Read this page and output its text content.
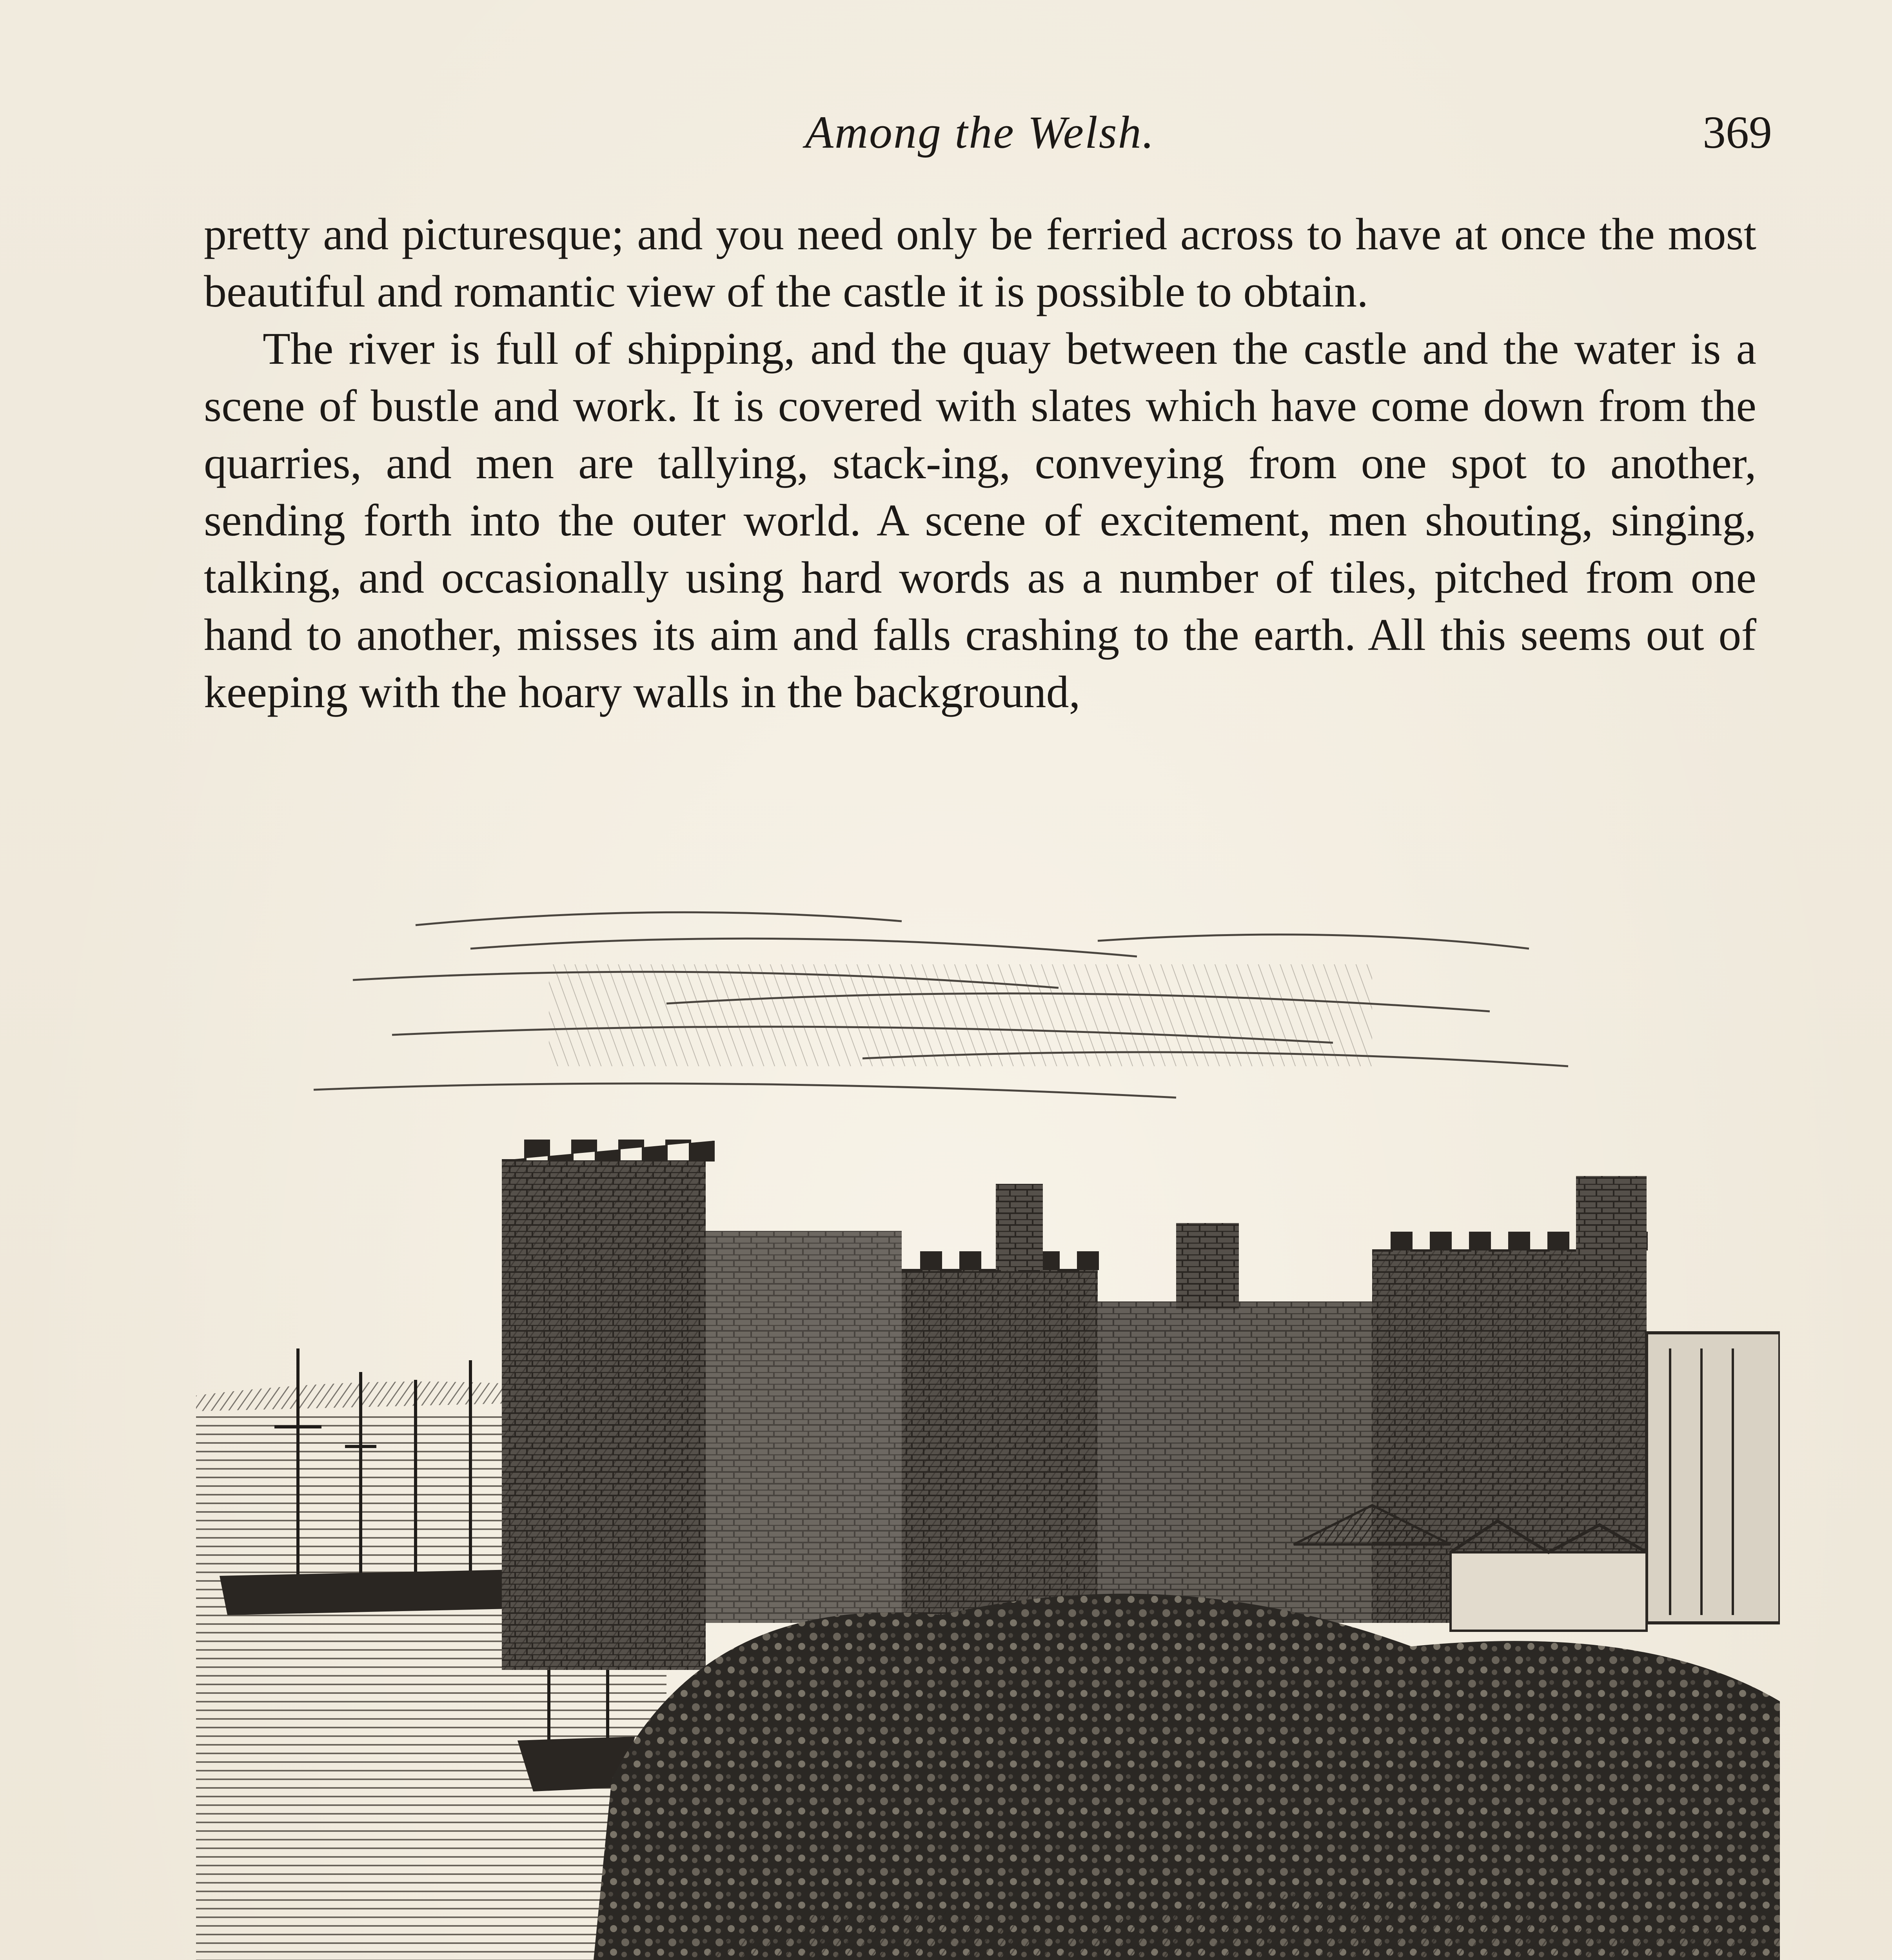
Among the Welsh.	369

pretty and picturesque; and you need only be ferried across to have at once the most beautiful and romantic view of the castle it is possible to obtain.

The river is full of shipping, and the quay between the castle and the water is a scene of bustle and work. It is covered with slates which have come down from the quarries, and men are tallying, stack-ing, conveying from one spot to another, sending forth into the outer world. A scene of excitement, men shouting, singing, talking, and occasionally using hard words as a number of tiles, pitched from one hand to another, misses its aim and falls crashing to the earth. All this seems out of keeping with the hoary walls in the background,
